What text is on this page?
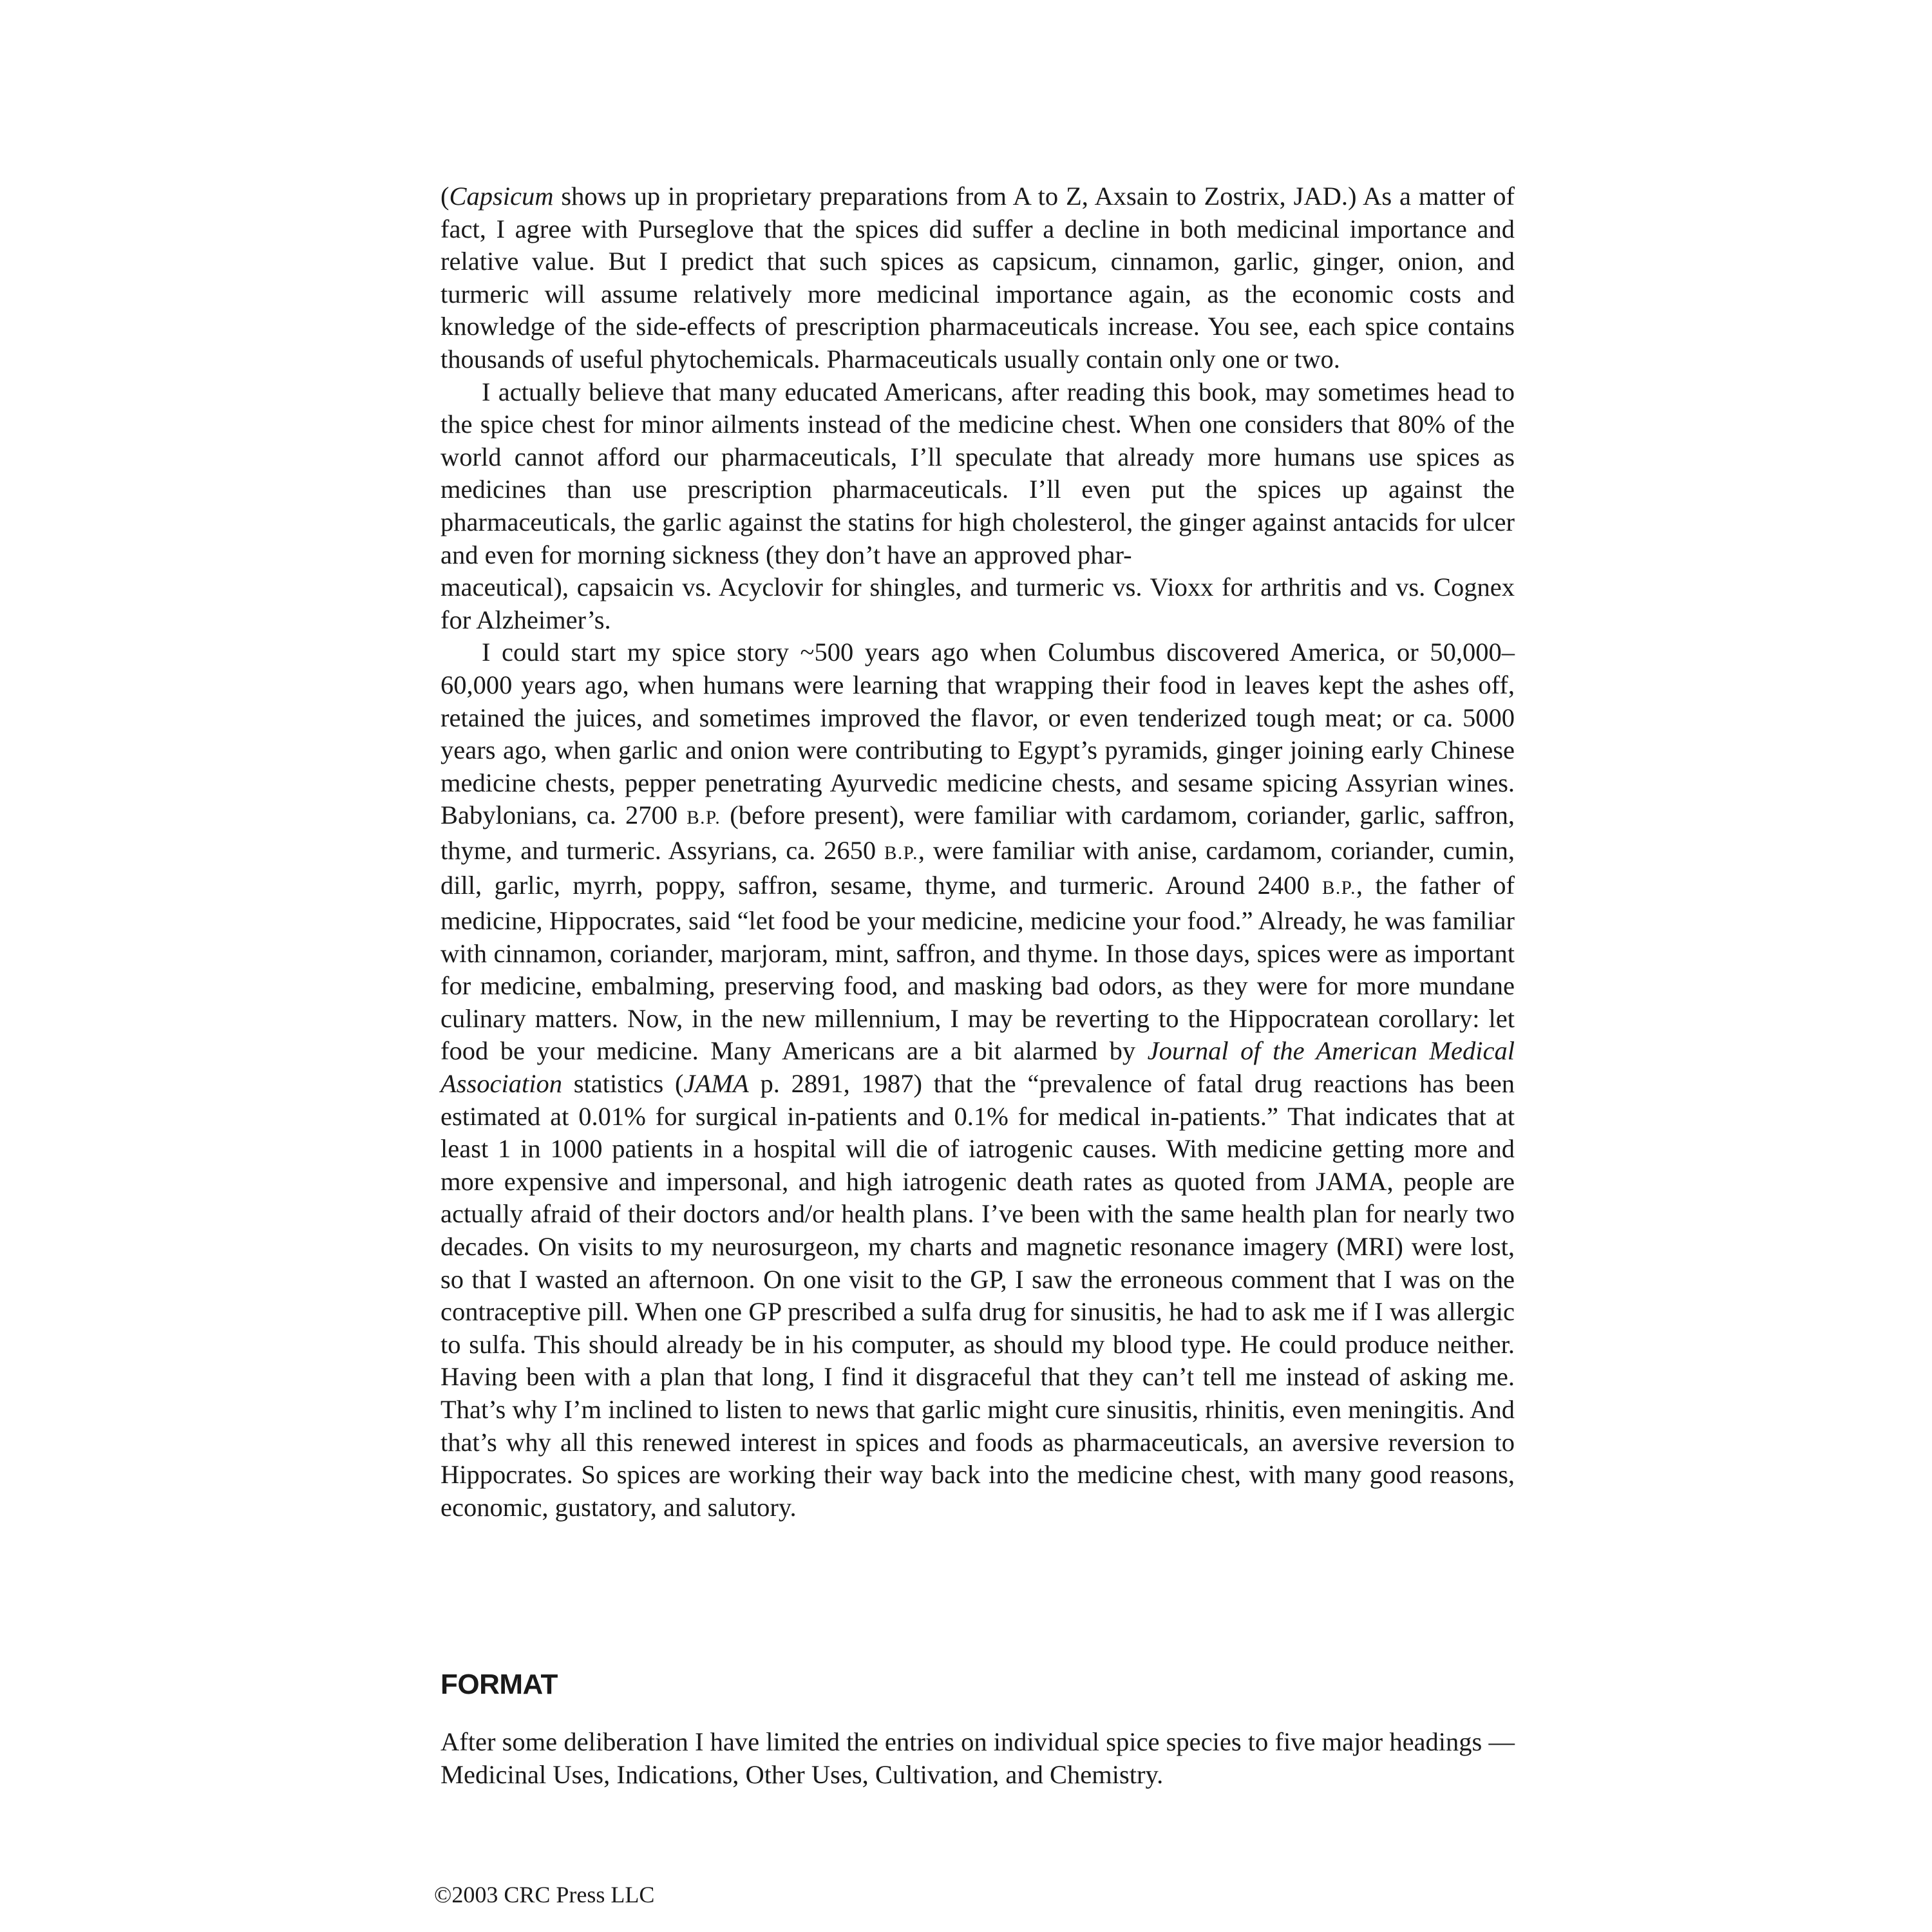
(Capsicum shows up in proprietary preparations from A to Z, Axsain to Zostrix, JAD.) As a matter of fact, I agree with Purseglove that the spices did suffer a decline in both medicinal importance and relative value. But I predict that such spices as capsicum, cinnamon, garlic, ginger, onion, and turmeric will assume relatively more medicinal importance again, as the economic costs and knowledge of the side-effects of prescription pharmaceuticals increase. You see, each spice contains thousands of useful phytochemicals. Pharmaceuticals usually contain only one or two.

I actually believe that many educated Americans, after reading this book, may sometimes head to the spice chest for minor ailments instead of the medicine chest. When one considers that 80% of the world cannot afford our pharmaceuticals, I’ll speculate that already more humans use spices as medicines than use prescription pharmaceuticals. I’ll even put the spices up against the pharmaceuticals, the garlic against the statins for high cholesterol, the ginger against antacids for ulcer and even for morning sickness (they don’t have an approved phar-
maceutical), capsaicin vs. Acyclovir for shingles, and turmeric vs. Vioxx for arthritis and vs. Cognex for Alzheimer’s.

I could start my spice story ~500 years ago when Columbus discovered America, or 50,000–60,000 years ago, when humans were learning that wrapping their food in leaves kept the ashes off, retained the juices, and sometimes improved the flavor, or even tenderized tough meat; or ca. 5000 years ago, when garlic and onion were contributing to Egypt’s pyramids, ginger joining early Chinese medicine chests, pepper penetrating Ayurvedic medicine chests, and sesame spicing Assyrian wines. Babylonians, ca. 2700 B.P. (before present), were familiar with cardamom, coriander, garlic, saffron, thyme, and turmeric. Assyrians, ca. 2650 B.P., were familiar with anise, cardamom, coriander, cumin, dill, garlic, myrrh, poppy, saffron, sesame, thyme, and turmeric. Around 2400 B.P., the father of medicine, Hippocrates, said “let food be your medicine, medicine your food.” Already, he was familiar with cinnamon, coriander, marjoram, mint, saffron, and thyme. In those days, spices were as important for medicine, embalming, preserving food, and masking bad odors, as they were for more mundane culinary matters. Now, in the new millennium, I may be reverting to the Hippocratean corollary: let food be your medicine. Many Americans are a bit alarmed by Journal of the American Medical Association statistics (JAMA p. 2891, 1987) that the “prevalence of fatal drug reactions has been estimated at 0.01% for surgical in-patients and 0.1% for medical in-patients.” That indicates that at least 1 in 1000 patients in a hospital will die of iatrogenic causes. With medicine getting more and more expensive and impersonal, and high iatrogenic death rates as quoted from JAMA, people are actually afraid of their doctors and/or health plans. I’ve been with the same health plan for nearly two decades. On visits to my neurosurgeon, my charts and magnetic resonance imagery (MRI) were lost, so that I wasted an afternoon. On one visit to the GP, I saw the erroneous comment that I was on the contraceptive pill. When one GP prescribed a sulfa drug for sinusitis, he had to ask me if I was allergic to sulfa. This should already be in his computer, as should my blood type. He could produce neither. Having been with a plan that long, I find it disgraceful that they can’t tell me instead of asking me. That’s why I’m inclined to listen to news that garlic might cure sinusitis, rhinitis, even meningitis. And that’s why all this renewed interest in spices and foods as pharmaceuticals, an aversive reversion to Hippocrates. So spices are working their way back into the medicine chest, with many good reasons, economic, gustatory, and salutory.

FORMAT

After some deliberation I have limited the entries on individual spice species to five major headings — Medicinal Uses, Indications, Other Uses, Cultivation, and Chemistry.

©2003 CRC Press LLC
